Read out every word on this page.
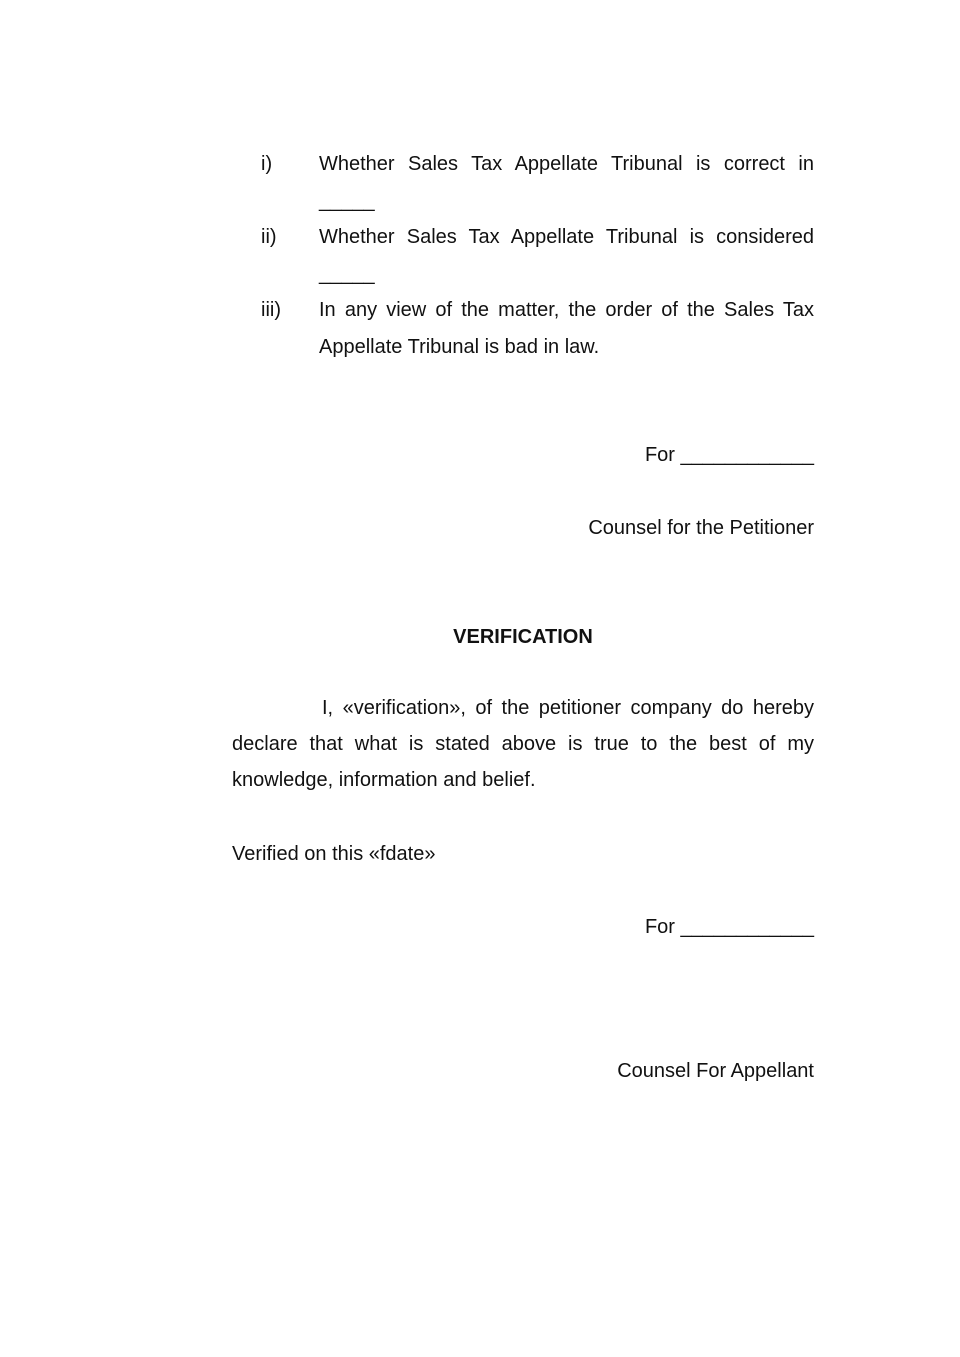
i) Whether Sales Tax Appellate Tribunal is correct in
_____
ii) Whether Sales Tax Appellate Tribunal is considered
_____
iii) In any view of the matter, the order of the Sales Tax
Appellate Tribunal is bad in law.
For ____________
Counsel for the Petitioner
VERIFICATION
I, «verification», of the petitioner company do hereby
declare that what is stated above is true to the best of my
knowledge, information and belief.
Verified on this «fdate»
For ____________
Counsel For Appellant
